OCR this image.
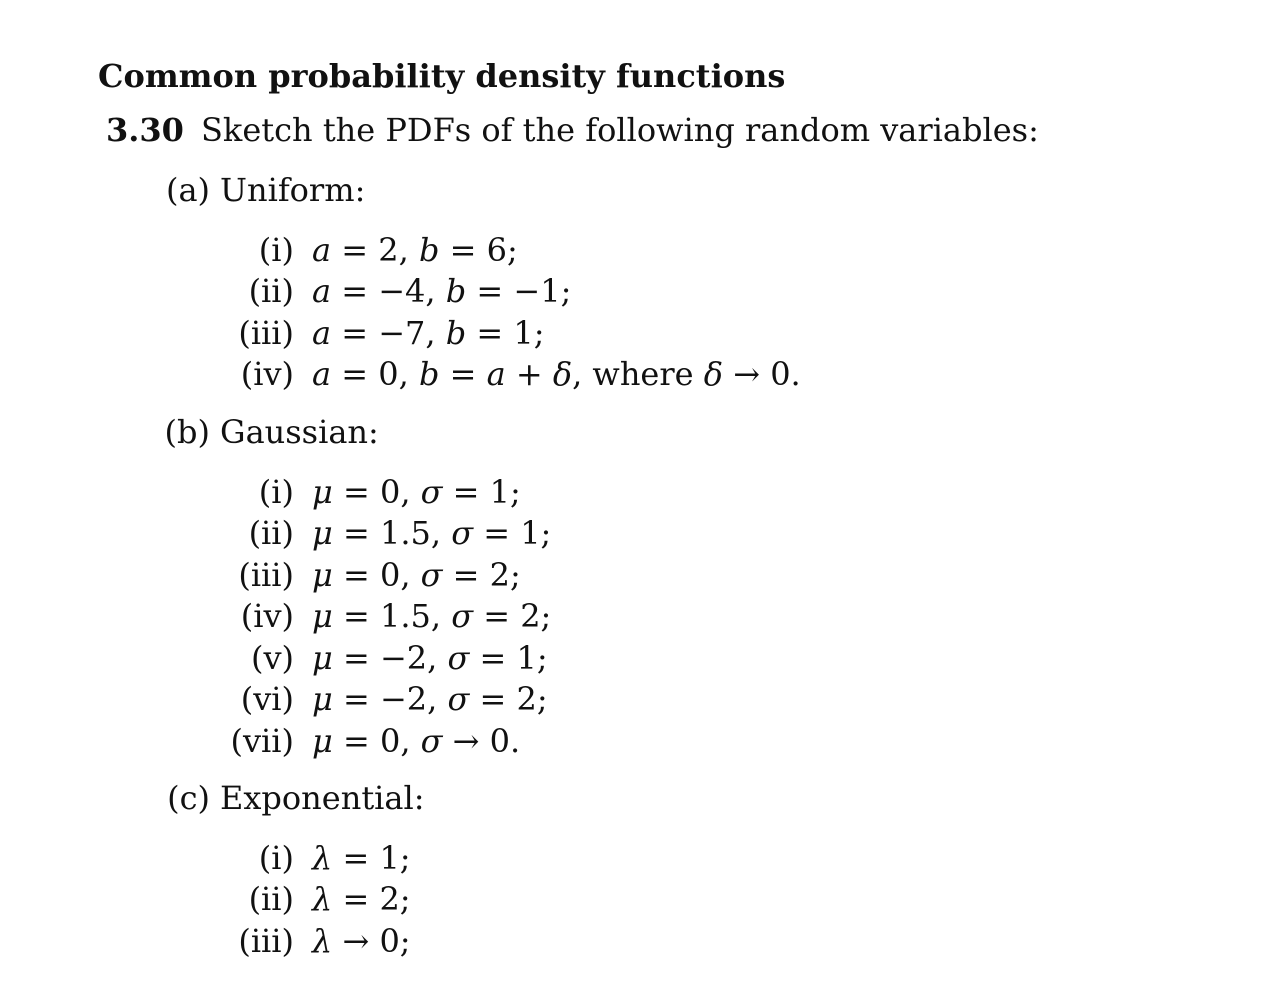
Common probability density functions
3.30 Sketch the PDFs of the following random variables:
(a) Uniform:
(i) a = 2, b = 6;
(ii) a = −4, b = −1;
(iii) a = −7, b = 1;
(iv) a = 0, b = a + δ, where δ → 0.
(b) Gaussian:
(i) μ = 0, σ = 1;
(ii) μ = 1.5, σ = 1;
(iii) μ = 0, σ = 2;
(iv) μ = 1.5, σ = 2;
(v) μ = −2, σ = 1;
(vi) μ = −2, σ = 2;
(vii) μ = 0, σ → 0.
(c) Exponential:
(i) λ = 1;
(ii) λ = 2;
(iii) λ → 0;
